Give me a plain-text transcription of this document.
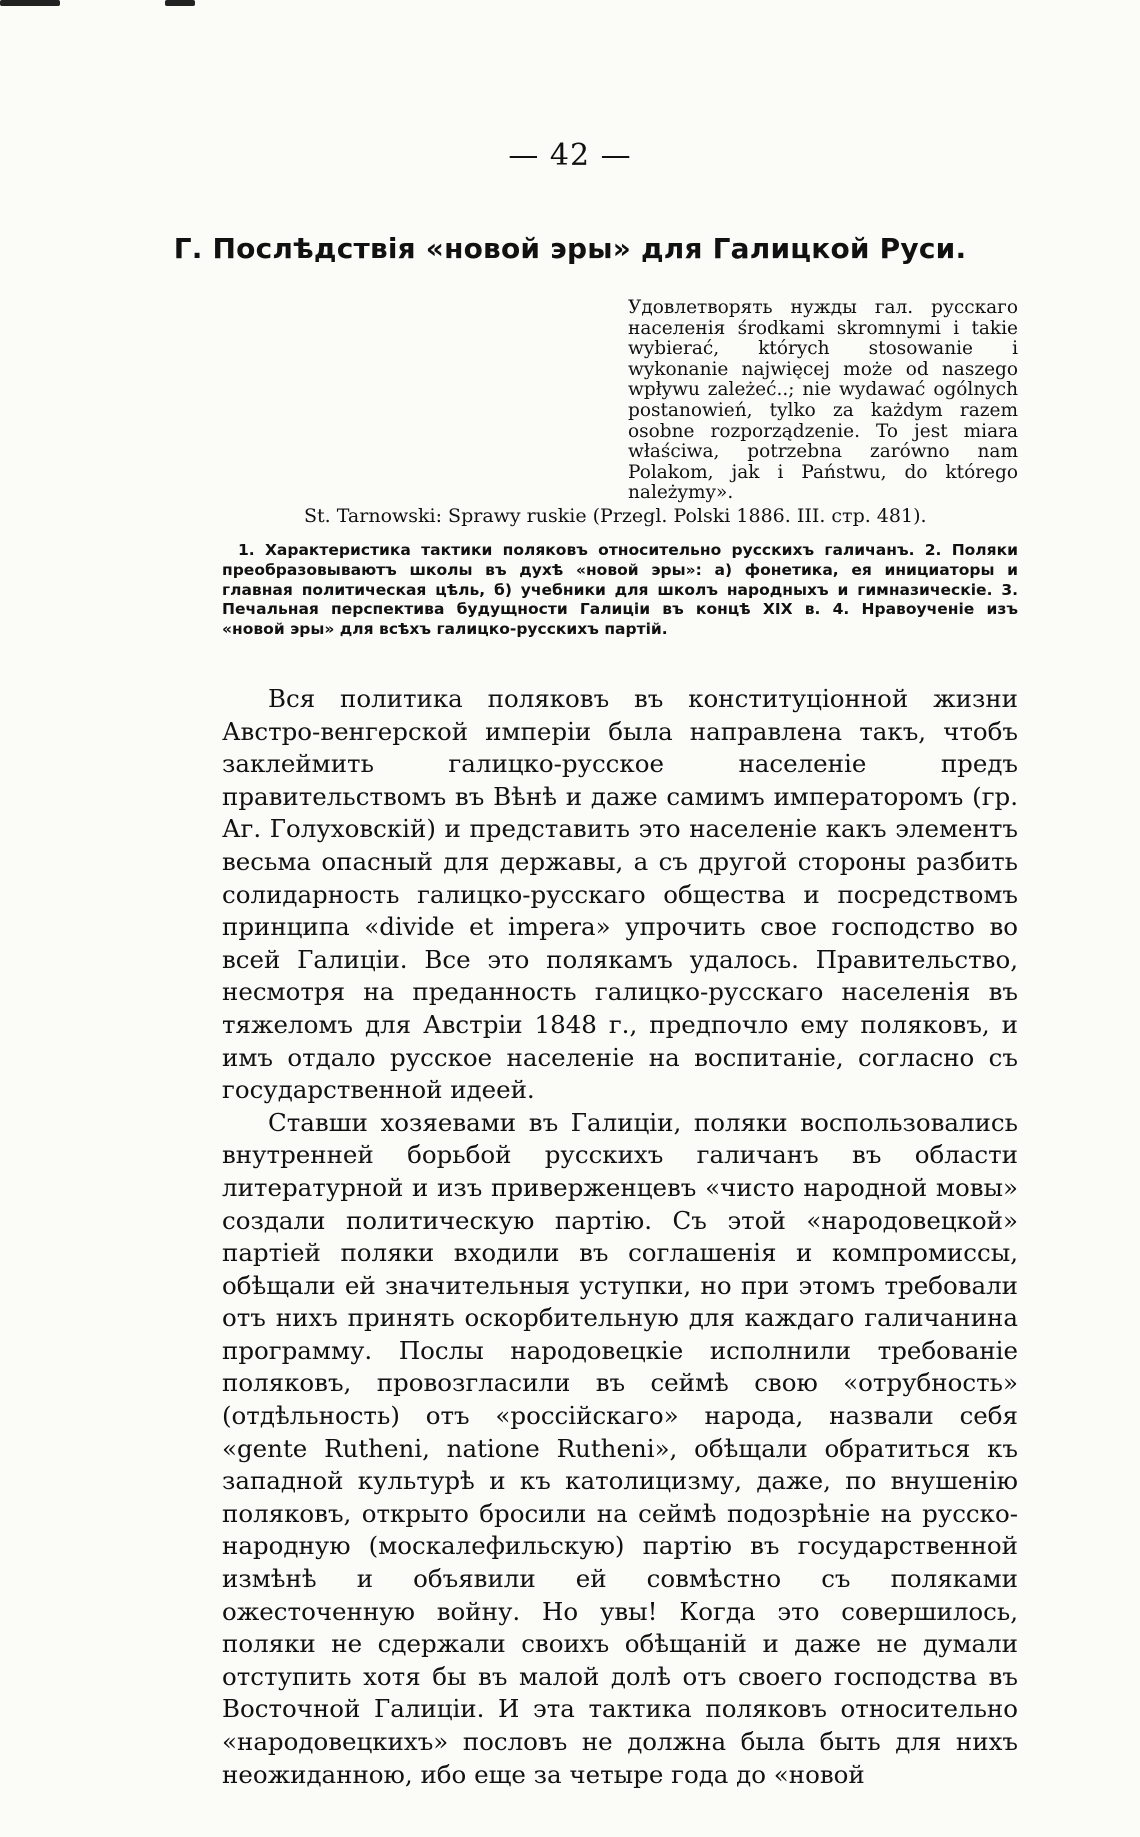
— 42 —
Г. Послѣдствія «новой эры» для Галицкой Руси.

Удовлетворять нужды гал. русскаго населенія środkami skromnymi i takie wybierać, których stosowanie i wykonanie najwięcej może od naszego wpływu zależeć..; nie wydawać ogólnych postanowień, tylko za każdym razem osobne rozporządzenie. To jest miara właściwa, potrzebna zarówno nam Polakom, jak i Państwu, do którego należymy».

St. Tarnowski: Sprawy ruskie (Przegl. Polski 1886. III. стр. 481).

1. Характеристика тактики поляковъ относительно русскихъ галичанъ. 2. Поляки преобразовываютъ школы въ духѣ «новой эры»: а) фонетика, ея инициаторы и главная политическая цѣль, б) учебники для школъ народныхъ и гимназическіе. 3. Печальная перспектива будущности Галиціи въ концѣ XIX в. 4. Нравоученіе изъ «новой эры» для всѣхъ галицко-русскихъ партій.

Вся политика поляковъ въ конституціонной жизни Австро-венгерской имперіи была направлена такъ, чтобъ заклеймить галицко-русское населеніе предъ правительствомъ въ Вѣнѣ и даже самимъ императоромъ (гр. Аг. Голуховскій) и представить это населеніе какъ элементъ весьма опасный для державы, а съ другой стороны разбить солидарность галицко-русскаго общества и посредствомъ принципа «divide et impera» упрочить свое господство во всей Галиціи. Все это полякамъ удалось. Правительство, несмотря на преданность галицко-русскаго населенія въ тяжеломъ для Австріи 1848 г., предпочло ему поляковъ, и имъ отдало русское населеніе на воспитаніе, согласно съ государственной идеей.

Ставши хозяевами въ Галиціи, поляки воспользовались внутренней борьбой русскихъ галичанъ въ области литературной и изъ приверженцевъ «чисто народной мовы» создали политическую партію. Съ этой «народовецкой» партіей поляки входили въ соглашенія и компромиссы, обѣщали ей значительныя уступки, но при этомъ требовали отъ нихъ принять оскорбительную для каждаго галичанина программу. Послы народовецкіе исполнили требованіе поляковъ, провозгласили въ сеймѣ свою «отрубность» (отдѣльность) отъ «россійскаго» народа, назвали себя «gente Rutheni, natione Rutheni», обѣщали обратиться къ западной культурѣ и къ католицизму, даже, по внушенію поляковъ, открыто бросили на сеймѣ подозрѣніе на русско-народную (москалефильскую) партію въ государственной измѣнѣ и объявили ей совмѣстно съ поляками ожесточенную войну. Но увы! Когда это совершилось, поляки не сдержали своихъ обѣщаній и даже не думали отступить хотя бы въ малой долѣ отъ своего господства въ Восточной Галиціи. И эта тактика поляковъ относительно «народовецкихъ» пословъ не должна была быть для нихъ неожиданною, ибо еще за четыре года до «новой
